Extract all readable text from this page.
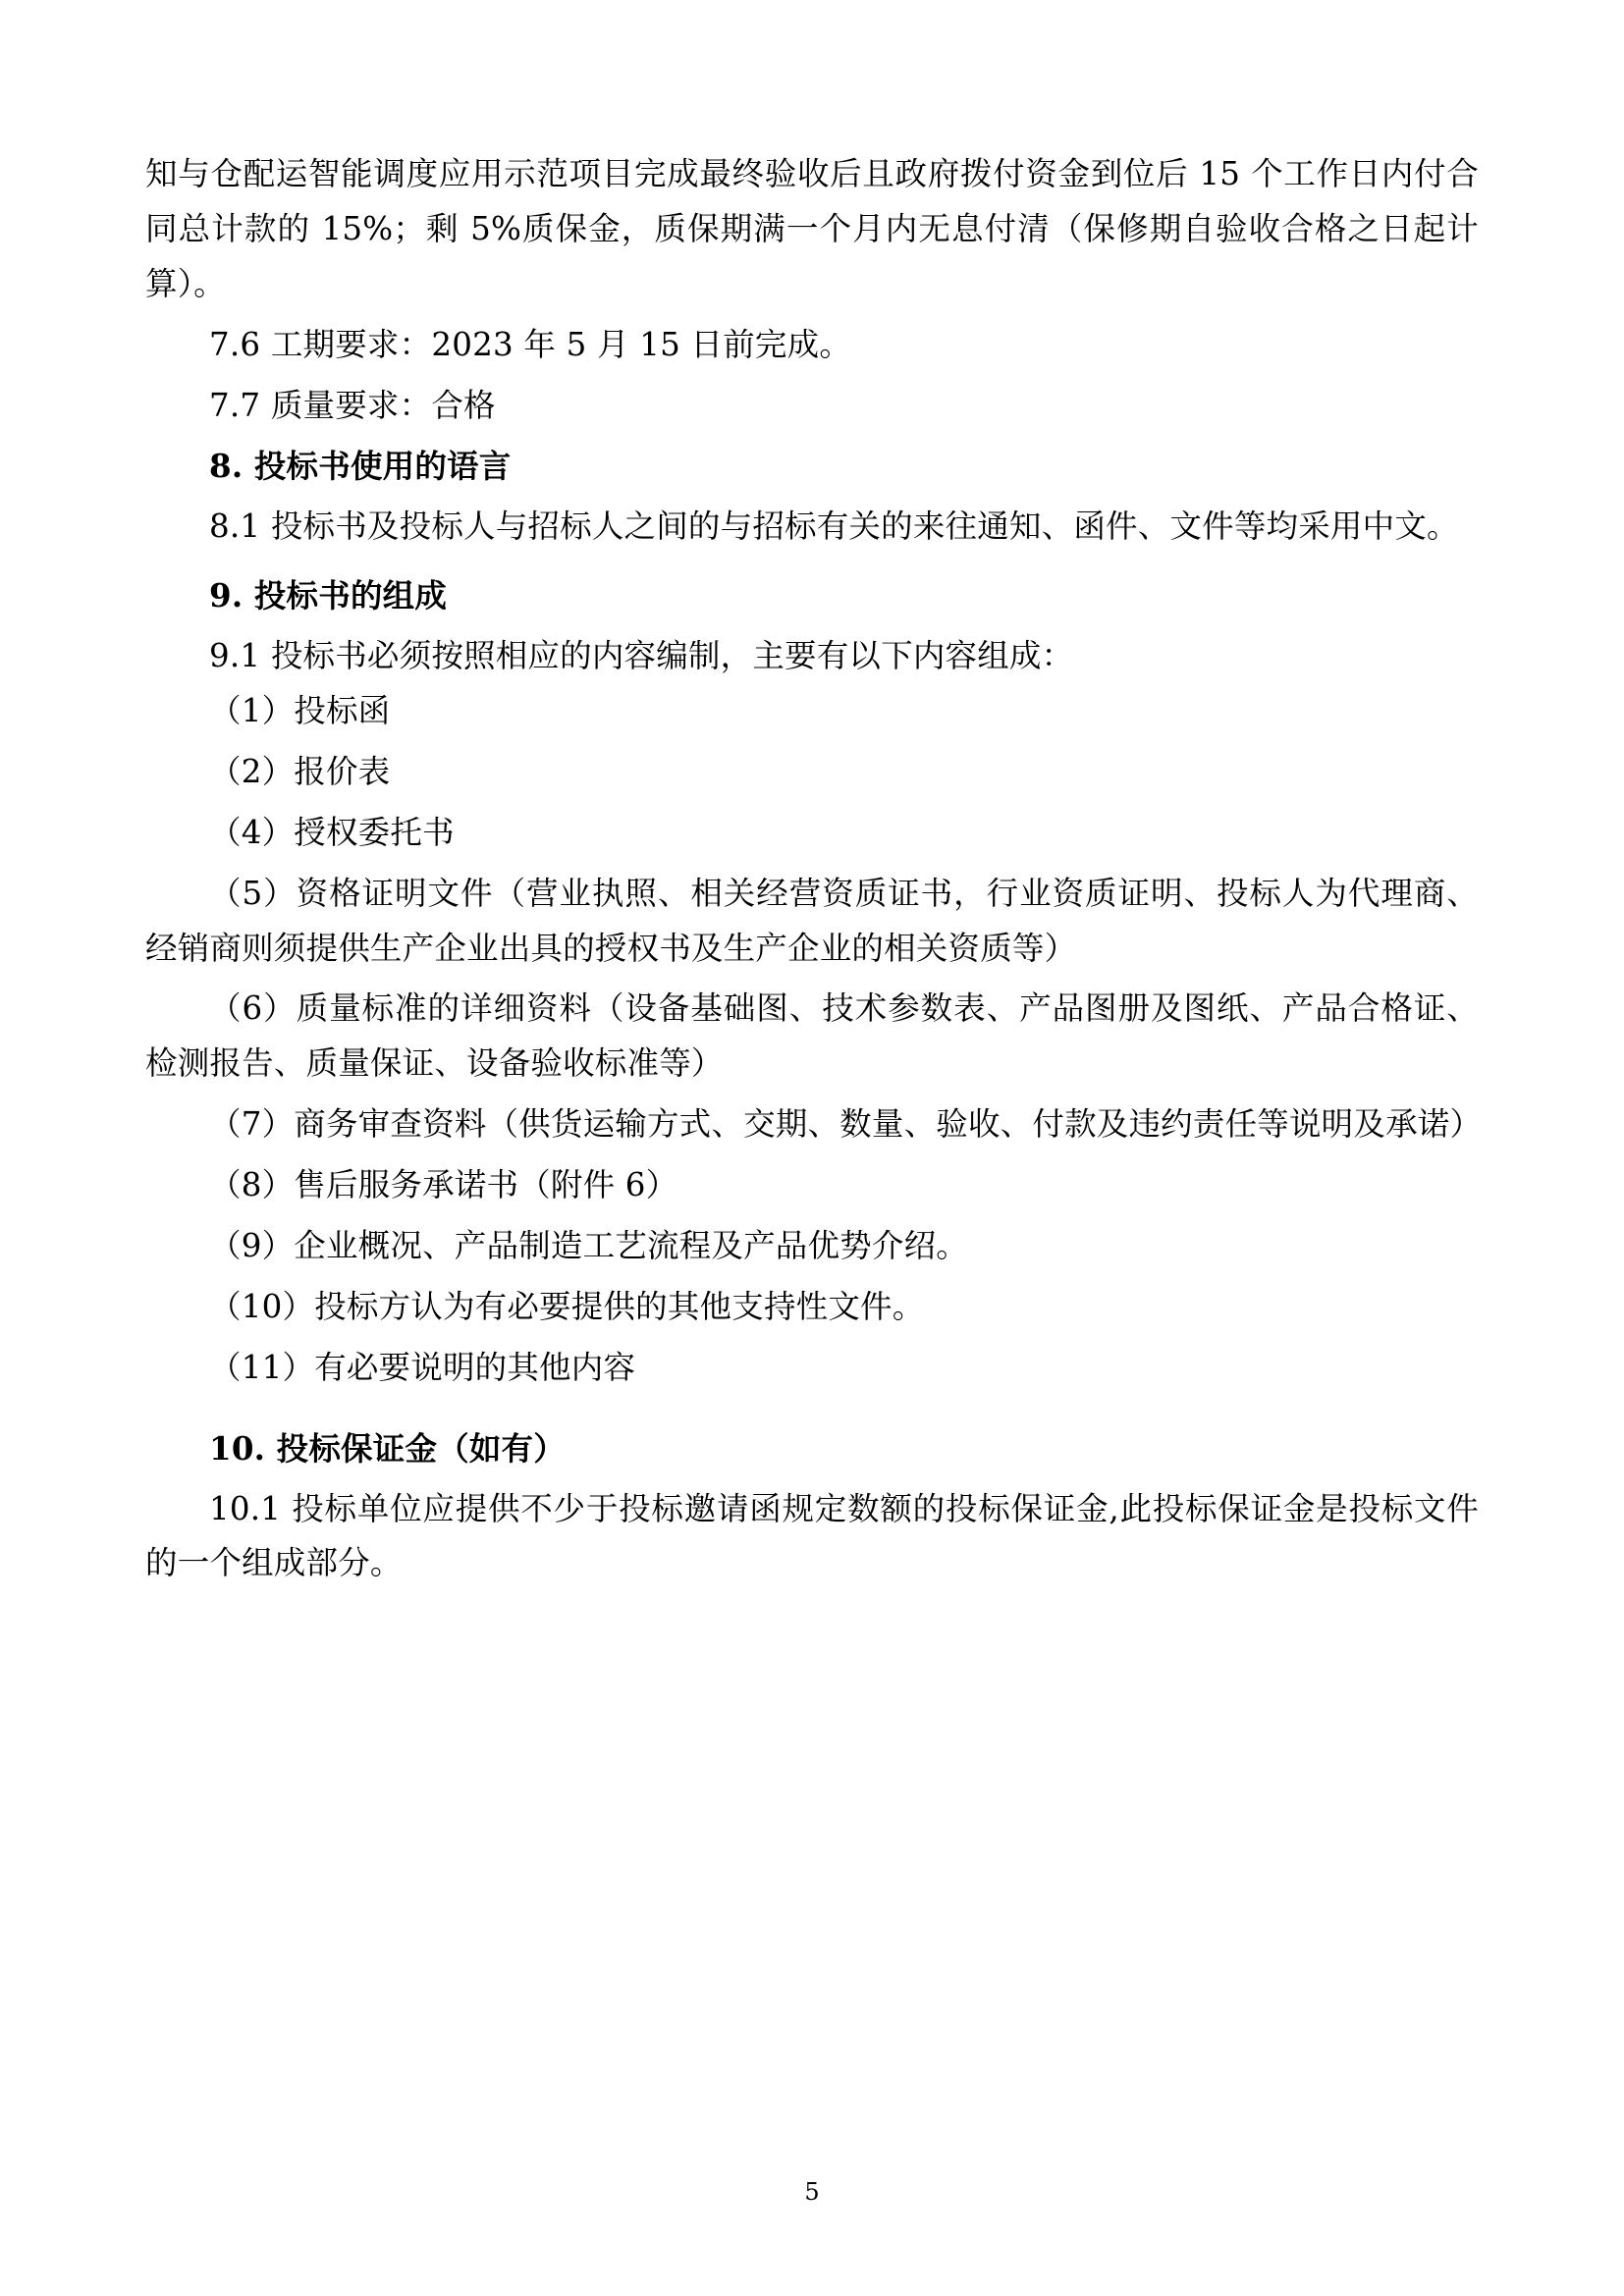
知与仓配运智能调度应用示范项目完成最终验收后且政府拨付资金到位后 15 个工作日内付合同总计款的 15%；剩 5%质保金，质保期满一个月内无息付清（保修期自验收合格之日起计算）。

7.6 工期要求：2023 年 5 月 15 日前完成。

7.7 质量要求：合格

8. 投标书使用的语言

8.1 投标书及投标人与招标人之间的与招标有关的来往通知、函件、文件等均采用中文。

9. 投标书的组成

9.1 投标书必须按照相应的内容编制，主要有以下内容组成：

（1）投标函

（2）报价表

（4）授权委托书

（5）资格证明文件（营业执照、相关经营资质证书，行业资质证明、投标人为代理商、经销商则须提供生产企业出具的授权书及生产企业的相关资质等）

（6）质量标准的详细资料（设备基础图、技术参数表、产品图册及图纸、产品合格证、检测报告、质量保证、设备验收标准等）

（7）商务审查资料（供货运输方式、交期、数量、验收、付款及违约责任等说明及承诺）

（8）售后服务承诺书（附件 6）

（9）企业概况、产品制造工艺流程及产品优势介绍。

（10）投标方认为有必要提供的其他支持性文件。

（11）有必要说明的其他内容

10. 投标保证金（如有）

10.1 投标单位应提供不少于投标邀请函规定数额的投标保证金,此投标保证金是投标文件的一个组成部分。

5
